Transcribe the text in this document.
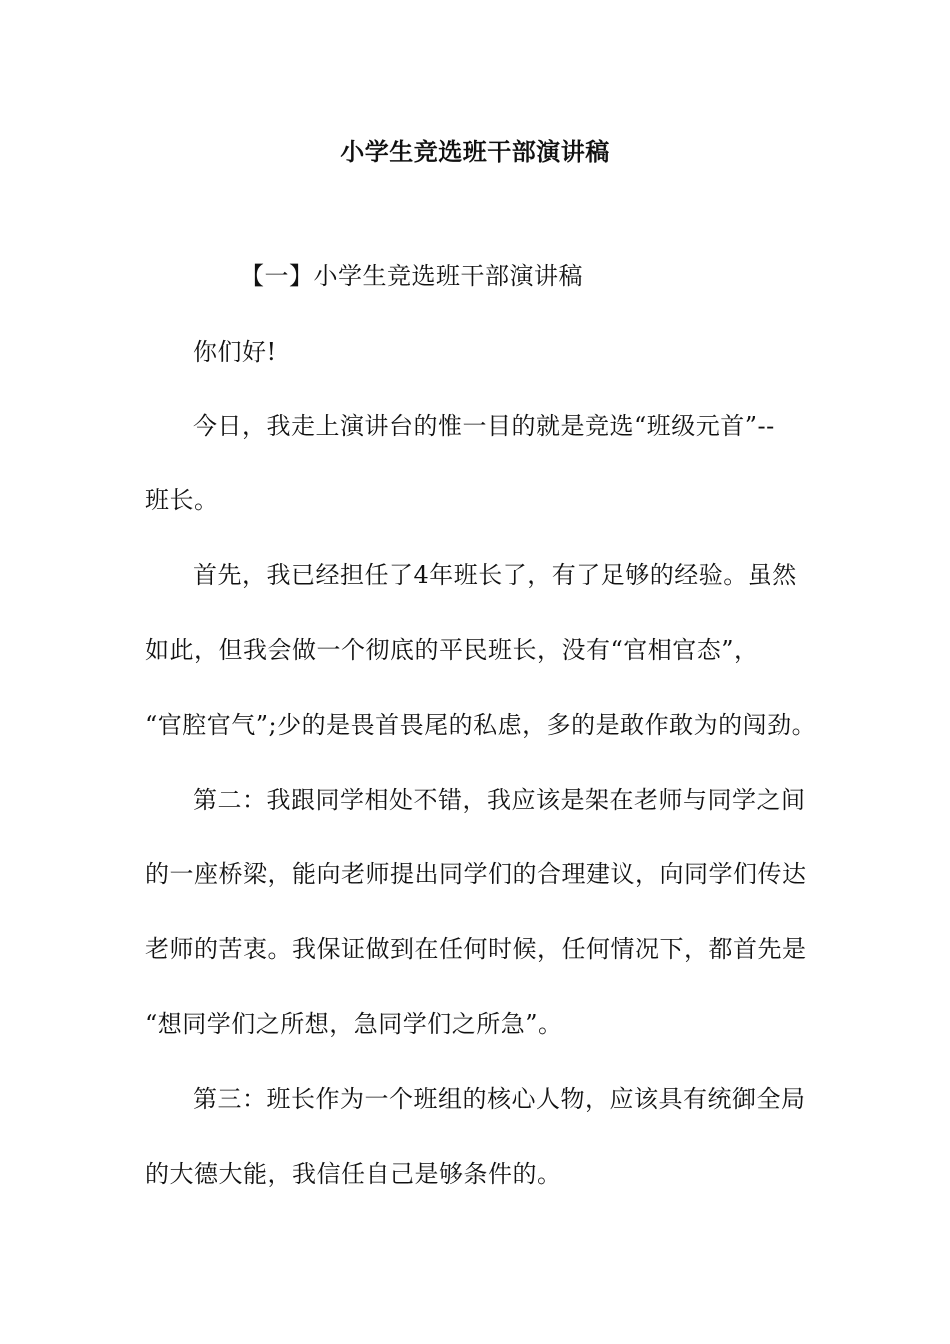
小学生竞选班干部演讲稿
【一】小学生竞选班干部演讲稿
你们好!
今日，我走上演讲台的惟一目的就是竞选“班级元首”--
班长。
首先，我已经担任了4年班长了，有了足够的经验。虽然
如此，但我会做一个彻底的平民班长，没有“官相官态”，
“官腔官气”;少的是畏首畏尾的私虑，多的是敢作敢为的闯劲。
第二：我跟同学相处不错，我应该是架在老师与同学之间
的一座桥梁，能向老师提出同学们的合理建议，向同学们传达
老师的苦衷。我保证做到在任何时候，任何情况下，都首先是
“想同学们之所想，急同学们之所急”。
第三：班长作为一个班组的核心人物，应该具有统御全局
的大德大能，我信任自己是够条件的。
